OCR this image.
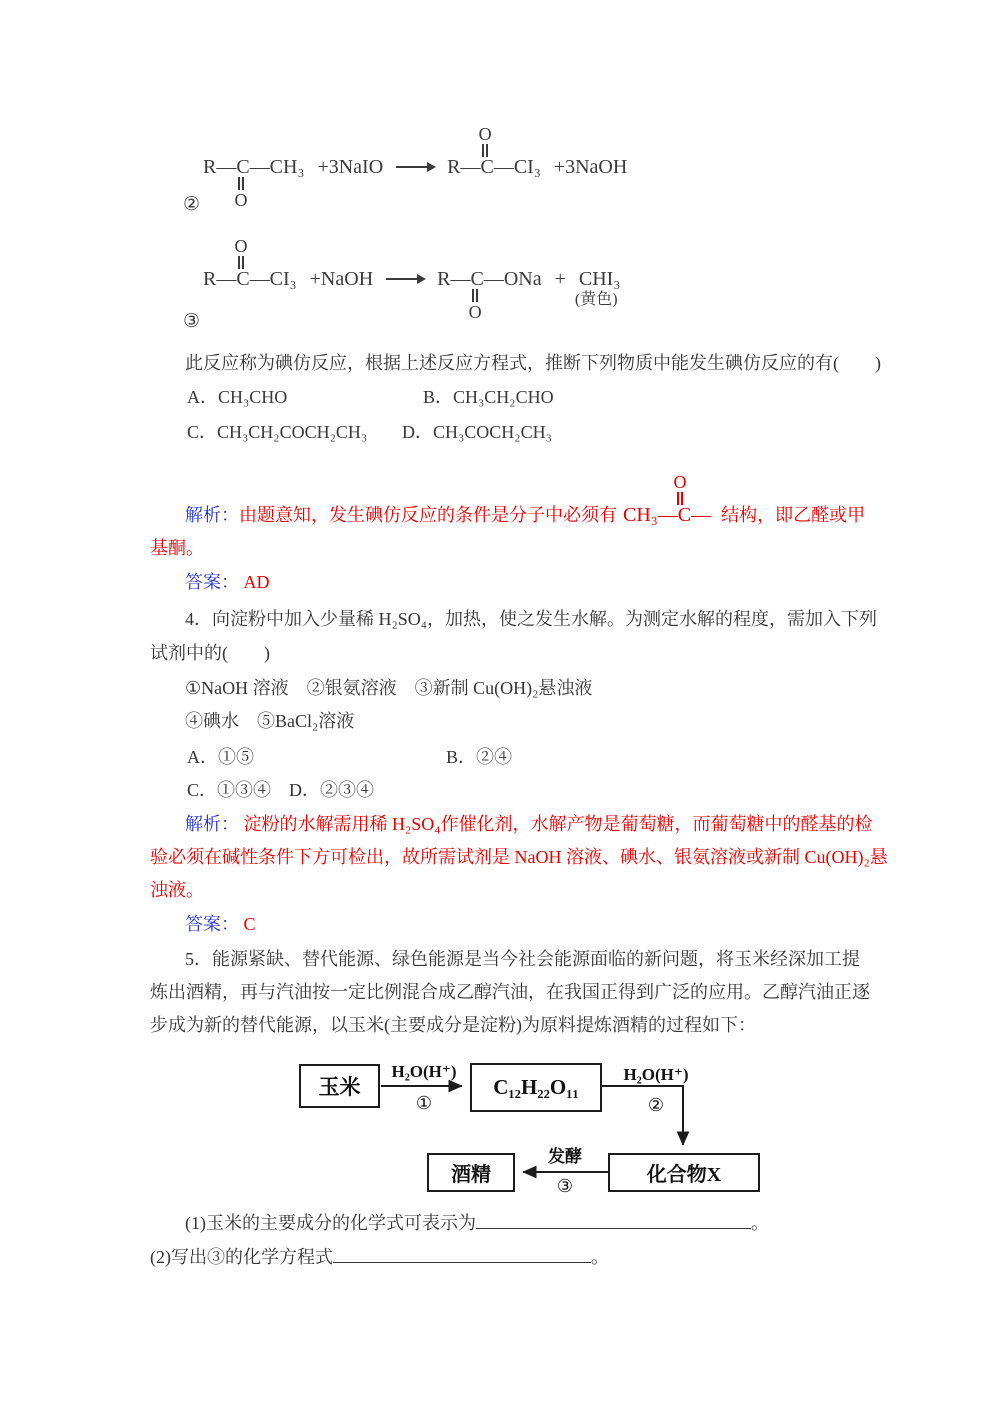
R—C—CH₃
O
+3NaIO	R—C—CI₃
O
+3NaOH
②
R—C—CI₃
O
+NaOH	R—C—ONa
O
+ CHI₃
(黄色)
③
此反应称为碘仿反应，根据上述反应方程式，推断下列物质中能发生碘仿反应的有(　　)
A．CH₃CHO	B．CH₃CH₂CHO
C．CH₃CH₂COCH₂CH₃ D．CH₃COCH₂CH₃
解析： 由题意知，发生碘仿反应的条件是分子中必须有 CH₃—C—
O
结构，即乙醛或甲
基酮。
答案： AD
4．向淀粉中加入少量稀 H₂SO₄，加热，使之发生水解。为测定水解的程度，需加入下列
试剂中的(　　)
①NaOH 溶液　②银氨溶液　③新制 Cu(OH)₂悬浊液
④碘水　⑤BaCl₂溶液
A．①⑤	B．②④
C．①③④　D．②③④
解析： 淀粉的水解需用稀 H₂SO₄作催化剂，水解产物是葡萄糖，而葡萄糖中的醛基的检
验必须在碱性条件下方可检出，故所需试剂是 NaOH 溶液、碘水、银氨溶液或新制 Cu(OH)₂悬
浊液。
答案： C
5．能源紧缺、替代能源、绿色能源是当今社会能源面临的新问题，将玉米经深加工提
炼出酒精，再与汽油按一定比例混合成乙醇汽油，在我国正得到广泛的应用。乙醇汽油正逐
步成为新的替代能源，以玉米(主要成分是淀粉)为原料提炼酒精的过程如下：
玉米	C₁₂H₂₂O₁₁
化合物X
酒精
H₂O(H⁺)
①
H₂O(H⁺)
②
发酵
③
(1)玉米的主要成分的化学式可表示为	。
(2)写出③的化学方程式	。
